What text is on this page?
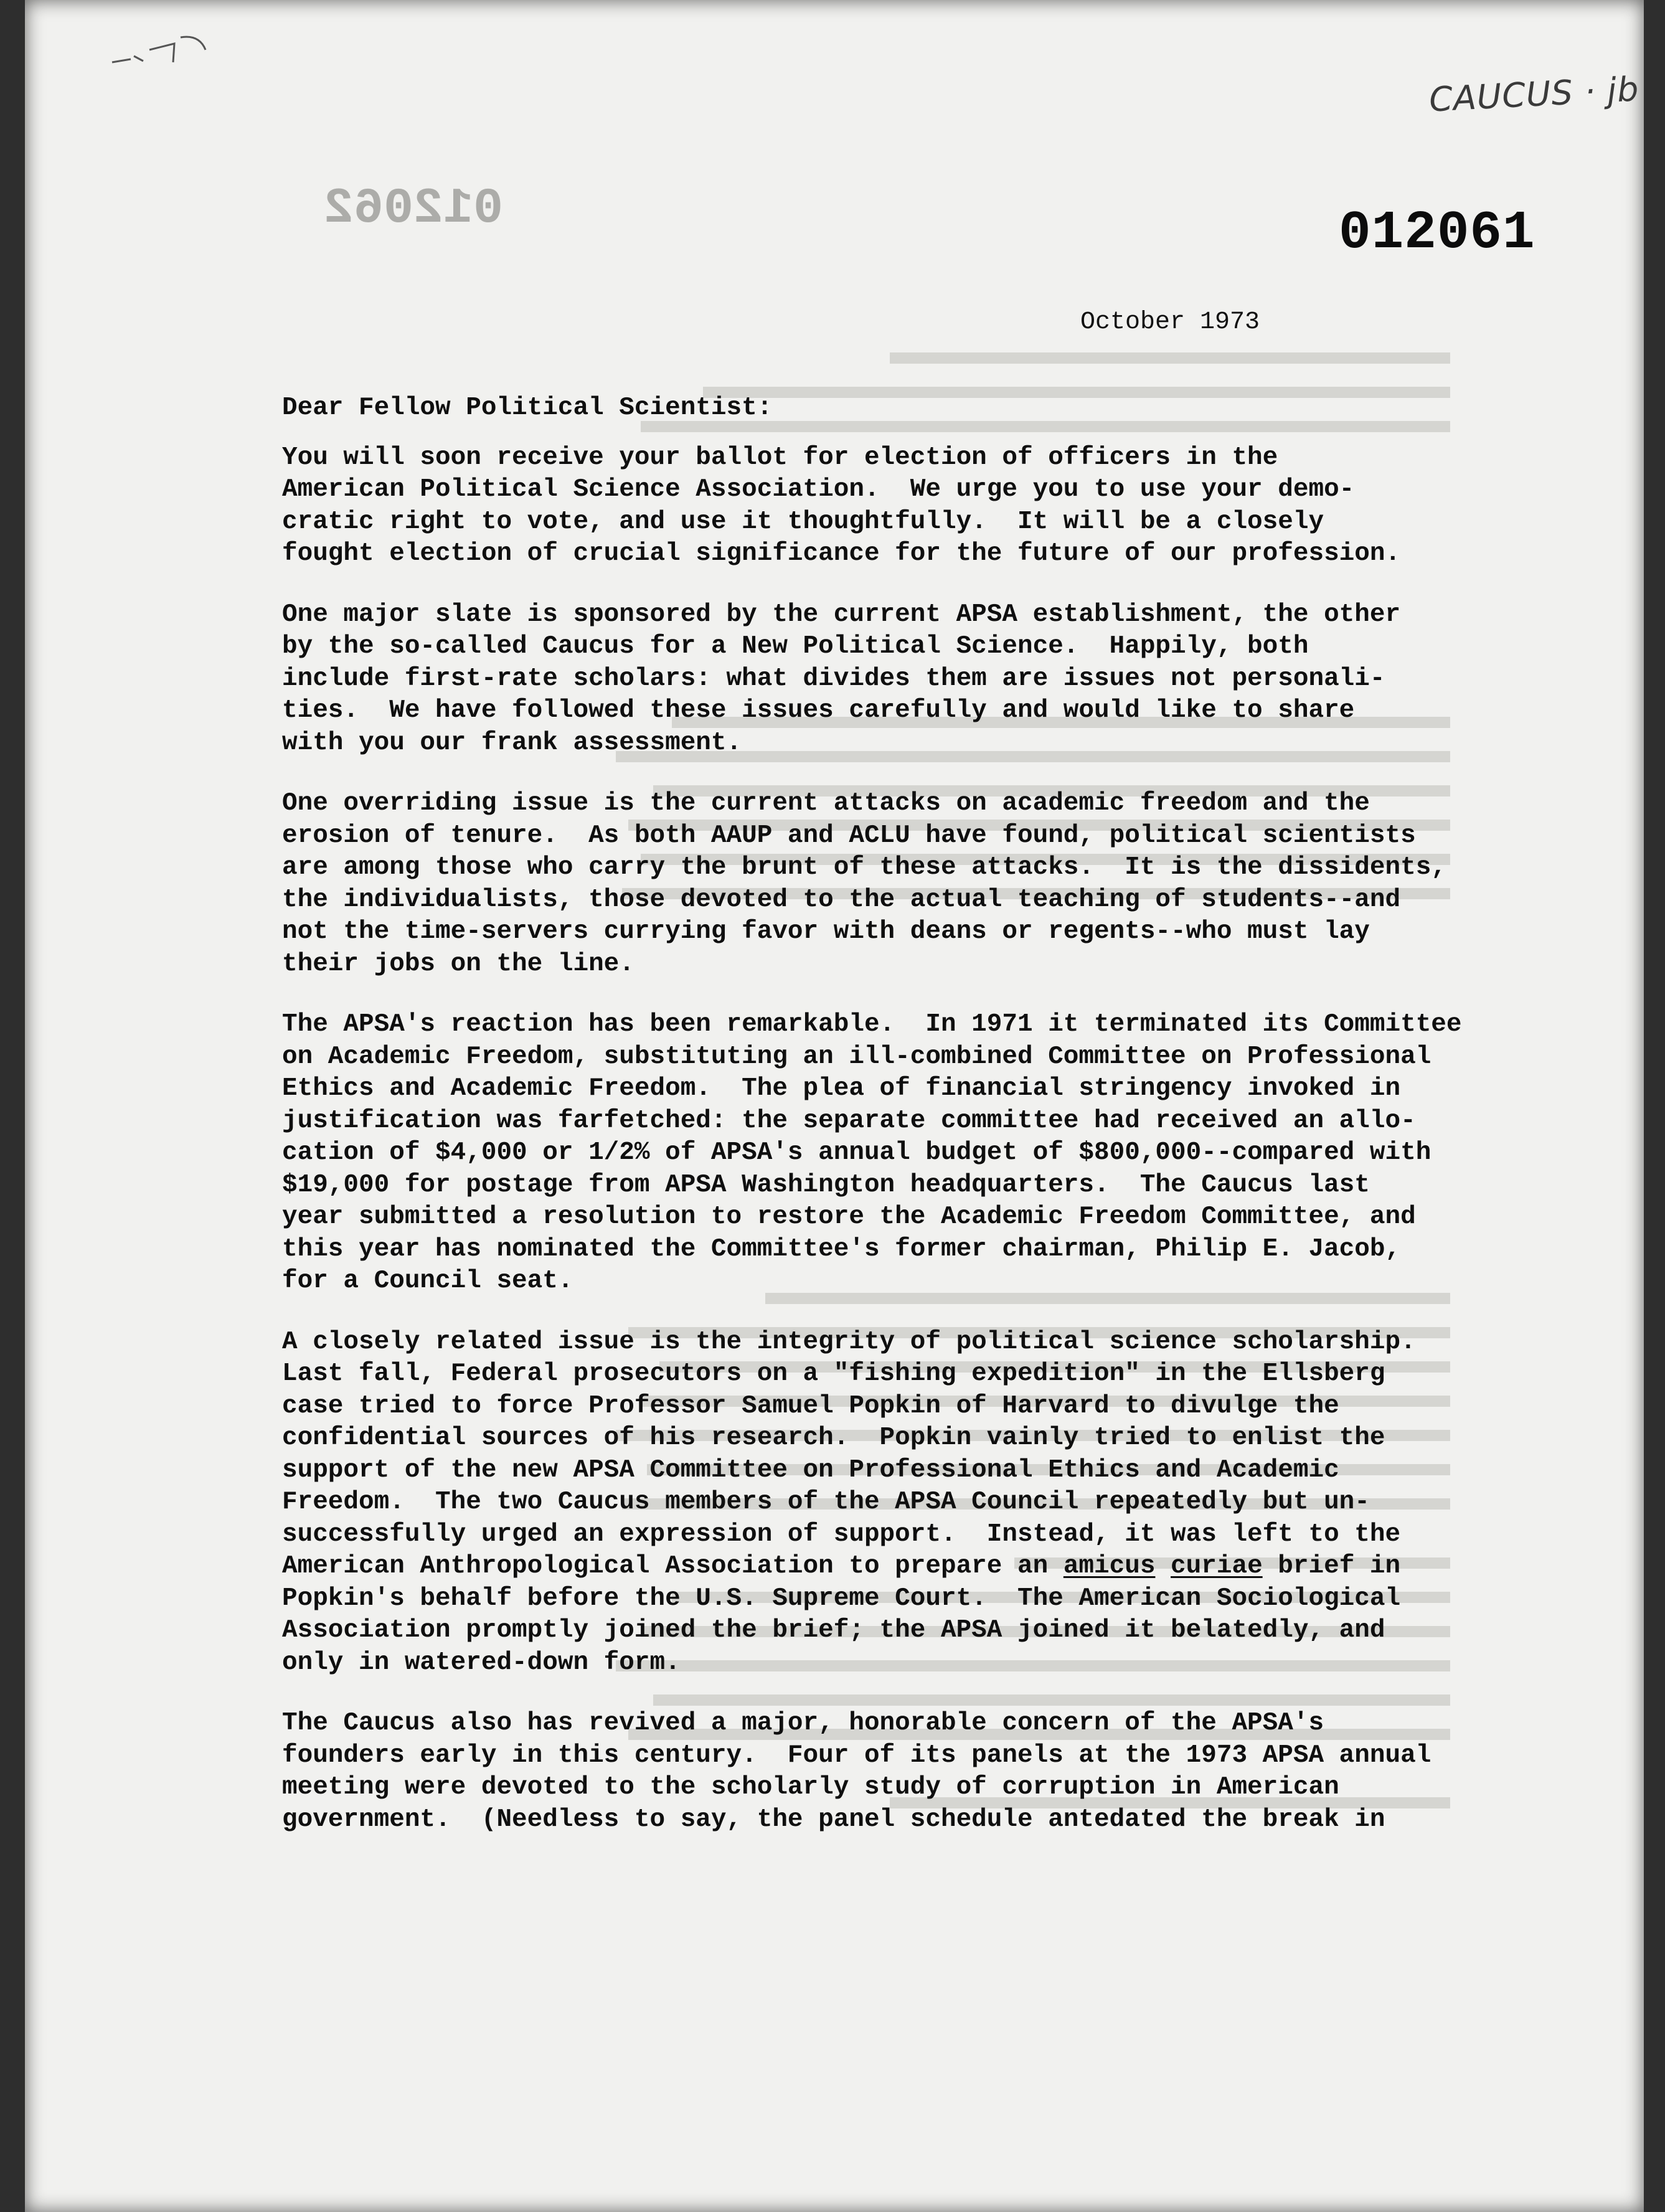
012062

CAUCUS · jb
012061
October 1973
Dear Fellow Political Scientist:
You will soon receive your ballot for election of officers in the
American Political Science Association.  We urge you to use your demo-
cratic right to vote, and use it thoughtfully.  It will be a closely
fought election of crucial significance for the future of our profession.
One major slate is sponsored by the current APSA establishment, the other
by the so-called Caucus for a New Political Science.  Happily, both
include first-rate scholars: what divides them are issues not personali-
ties.  We have followed these issues carefully and would like to share
with you our frank assessment.
One overriding issue is the current attacks on academic freedom and the
erosion of tenure.  As both AAUP and ACLU have found, political scientists
are among those who carry the brunt of these attacks.  It is the dissidents,
the individualists, those devoted to the actual teaching of students--and
not the time-servers currying favor with deans or regents--who must lay
their jobs on the line.
The APSA's reaction has been remarkable.  In 1971 it terminated its Committee
on Academic Freedom, substituting an ill-combined Committee on Professional
Ethics and Academic Freedom.  The plea of financial stringency invoked in
justification was farfetched: the separate committee had received an allo-
cation of $4,000 or 1/2% of APSA's annual budget of $800,000--compared with
$19,000 for postage from APSA Washington headquarters.  The Caucus last
year submitted a resolution to restore the Academic Freedom Committee, and
this year has nominated the Committee's former chairman, Philip E. Jacob,
for a Council seat.
A closely related issue is the integrity of political science scholarship.
Last fall, Federal prosecutors on a "fishing expedition" in the Ellsberg
case tried to force Professor Samuel Popkin of Harvard to divulge the
confidential sources of his research.  Popkin vainly tried to enlist the
support of the new APSA Committee on Professional Ethics and Academic
Freedom.  The two Caucus members of the APSA Council repeatedly but un-
successfully urged an expression of support.  Instead, it was left to the
American Anthropological Association to prepare an amicus curiae brief in
Popkin's behalf before the U.S. Supreme Court.  The American Sociological
Association promptly joined the brief; the APSA joined it belatedly, and
only in watered-down form.
The Caucus also has revived a major, honorable concern of the APSA's
founders early in this century.  Four of its panels at the 1973 APSA annual
meeting were devoted to the scholarly study of corruption in American
government.  (Needless to say, the panel schedule antedated the break in
